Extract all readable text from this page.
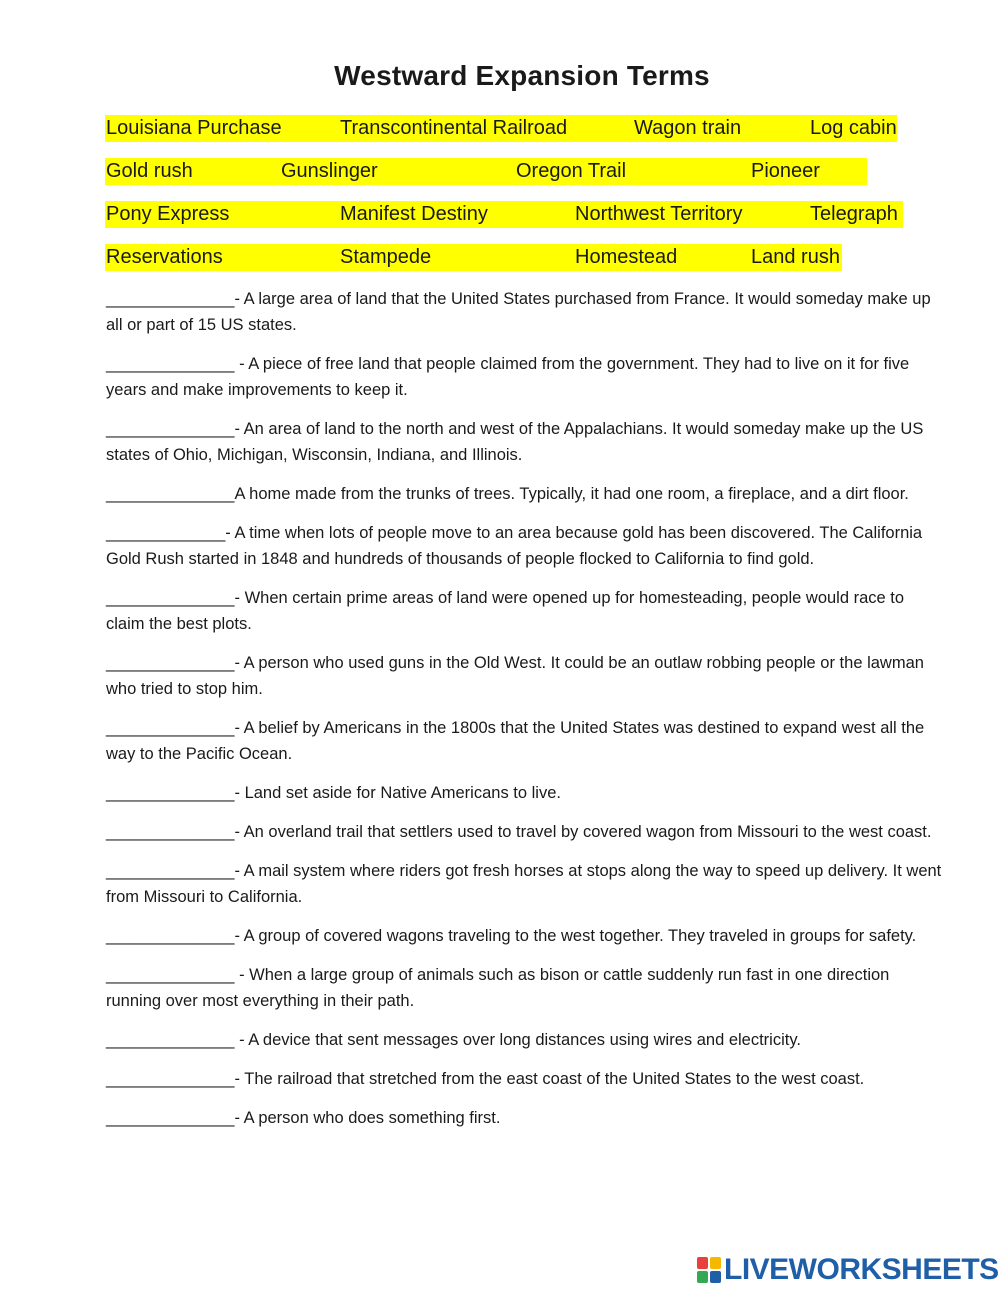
Westward Expansion Terms
Louisiana Purchase	Transcontinental Railroad	Wagon train	Log cabin
Gold rush	Gunslinger	Oregon Trail	Pioneer
Pony Express	Manifest Destiny	Northwest Territory	Telegraph
Reservations	Stampede	Homestead	Land rush

______________- A large area of land that the United States purchased from France. It would someday make up all or part of 15 US states.

______________ - A piece of free land that people claimed from the government. They had to live on it for five years and make improvements to keep it.

______________- An area of land to the north and west of the Appalachians. It would someday make up the US states of Ohio, Michigan, Wisconsin, Indiana, and Illinois.

______________A home made from the trunks of trees. Typically, it had one room, a fireplace, and a dirt floor.

_____________- A time when lots of people move to an area because gold has been discovered. The California Gold Rush started in 1848 and hundreds of thousands of people flocked to California to find gold.

______________- When certain prime areas of land were opened up for homesteading, people would race to claim the best plots.

______________- A person who used guns in the Old West. It could be an outlaw robbing people or the lawman who tried to stop him.

______________- A belief by Americans in the 1800s that the United States was destined to expand west all the way to the Pacific Ocean.

______________- Land set aside for Native Americans to live.

______________- An overland trail that settlers used to travel by covered wagon from Missouri to the west coast.

______________- A mail system where riders got fresh horses at stops along the way to speed up delivery. It went from Missouri to California.

______________- A group of covered wagons traveling to the west together. They traveled in groups for safety.

______________ - When a large group of animals such as bison or cattle suddenly run fast in one direction running over most everything in their path.

______________ - A device that sent messages over long distances using wires and electricity.

______________- The railroad that stretched from the east coast of the United States to the west coast.

______________- A person who does something first.

LIVEWORKSHEETS
